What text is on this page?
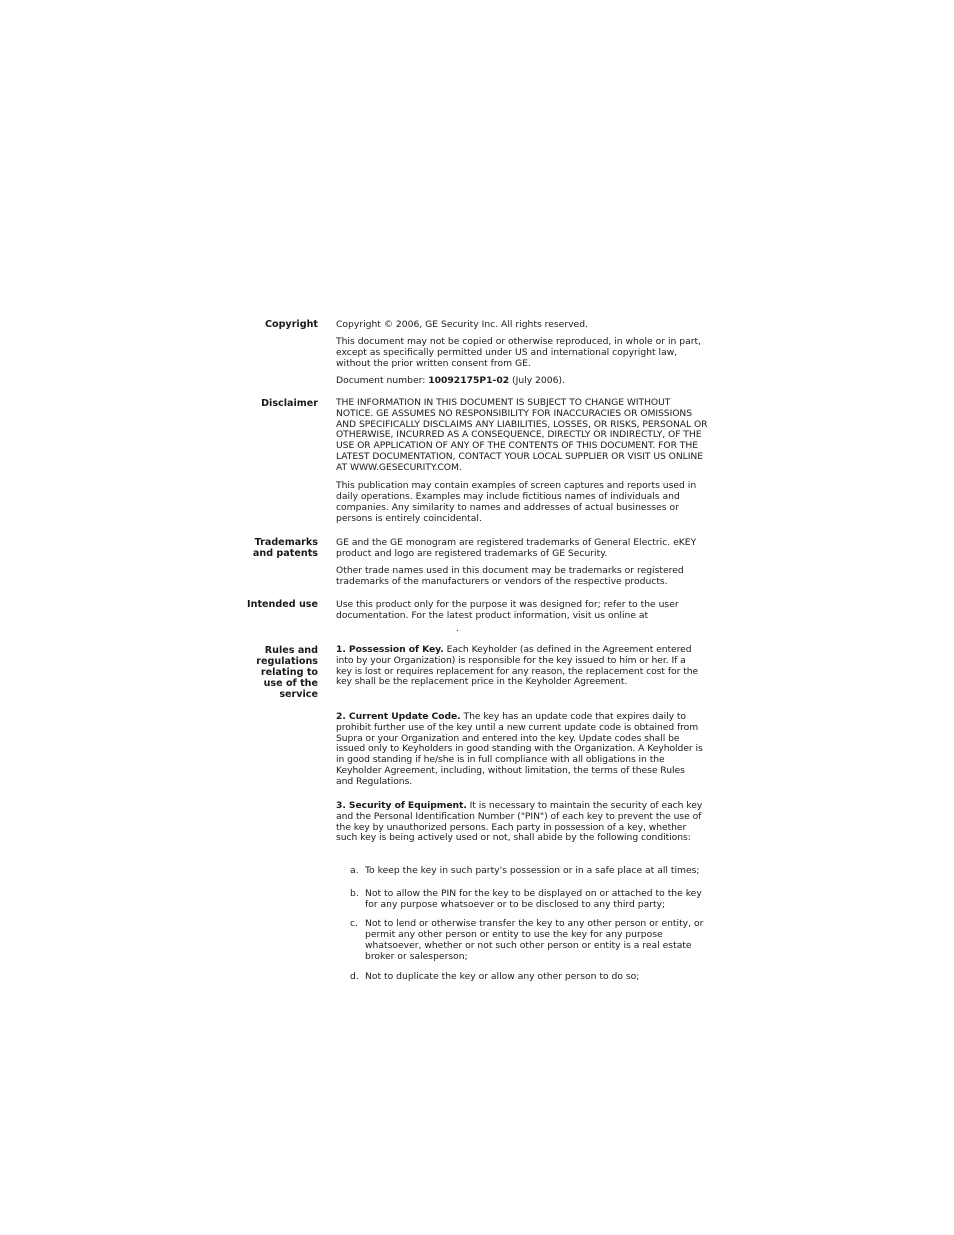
Copyright Copyright © 2006, GE Security Inc. All rights reserved.

This document may not be copied or otherwise reproduced, in whole or in part, except as specifically permitted under US and international copyright law, without the prior written consent from GE.

Document number: 10092175P1-02 (July 2006).

Disclaimer THE INFORMATION IN THIS DOCUMENT IS SUBJECT TO CHANGE WITHOUT NOTICE. GE ASSUMES NO RESPONSIBILITY FOR INACCURACIES OR OMISSIONS AND SPECIFICALLY DISCLAIMS ANY LIABILITIES, LOSSES, OR RISKS, PERSONAL OR OTHERWISE, INCURRED AS A CONSEQUENCE, DIRECTLY OR INDIRECTLY, OF THE USE OR APPLICATION OF ANY OF THE CONTENTS OF THIS DOCUMENT. FOR THE LATEST DOCUMENTATION, CONTACT YOUR LOCAL SUPPLIER OR VISIT US ONLINE AT WWW.GESECURITY.COM.

This publication may contain examples of screen captures and reports used in daily operations. Examples may include fictitious names of individuals and companies. Any similarity to names and addresses of actual businesses or persons is entirely coincidental.

Trademarks
and patents

GE and the GE monogram are registered trademarks of General Electric. eKEY product and logo are registered trademarks of GE Security.

Other trade names used in this document may be trademarks or registered trademarks of the manufacturers or vendors of the respective products.

Intended use Use this product only for the purpose it was designed for; refer to the user documentation. For the latest product information, visit us online at

.
Rules and
regulations
relating to
use of the
service

1. Possession of Key. Each Keyholder (as defined in the Agreement entered into by your Organization) is responsible for the key issued to him or her. If a key is lost or requires replacement for any reason, the replacement cost for the key shall be the replacement price in the Keyholder Agreement.

2. Current Update Code. The key has an update code that expires daily to prohibit further use of the key until a new current update code is obtained from Supra or your Organization and entered into the key. Update codes shall be issued only to Keyholders in good standing with the Organization. A Keyholder is in good standing if he/she is in full compliance with all obligations in the Keyholder Agreement, including, without limitation, the terms of these Rules and Regulations.

3. Security of Equipment. It is necessary to maintain the security of each key and the Personal Identification Number ("PIN") of each key to prevent the use of the key by unauthorized persons. Each party in possession of a key, whether such key is being actively used or not, shall abide by the following conditions:

a. To keep the key in such party's possession or in a safe place at all times;
b. Not to allow the PIN for the key to be displayed on or attached to the key for any purpose whatsoever or to be disclosed to any third party;
c. Not to lend or otherwise transfer the key to any other person or entity, or permit any other person or entity to use the key for any purpose whatsoever, whether or not such other person or entity is a real estate broker or salesperson;
d. Not to duplicate the key or allow any other person to do so;
